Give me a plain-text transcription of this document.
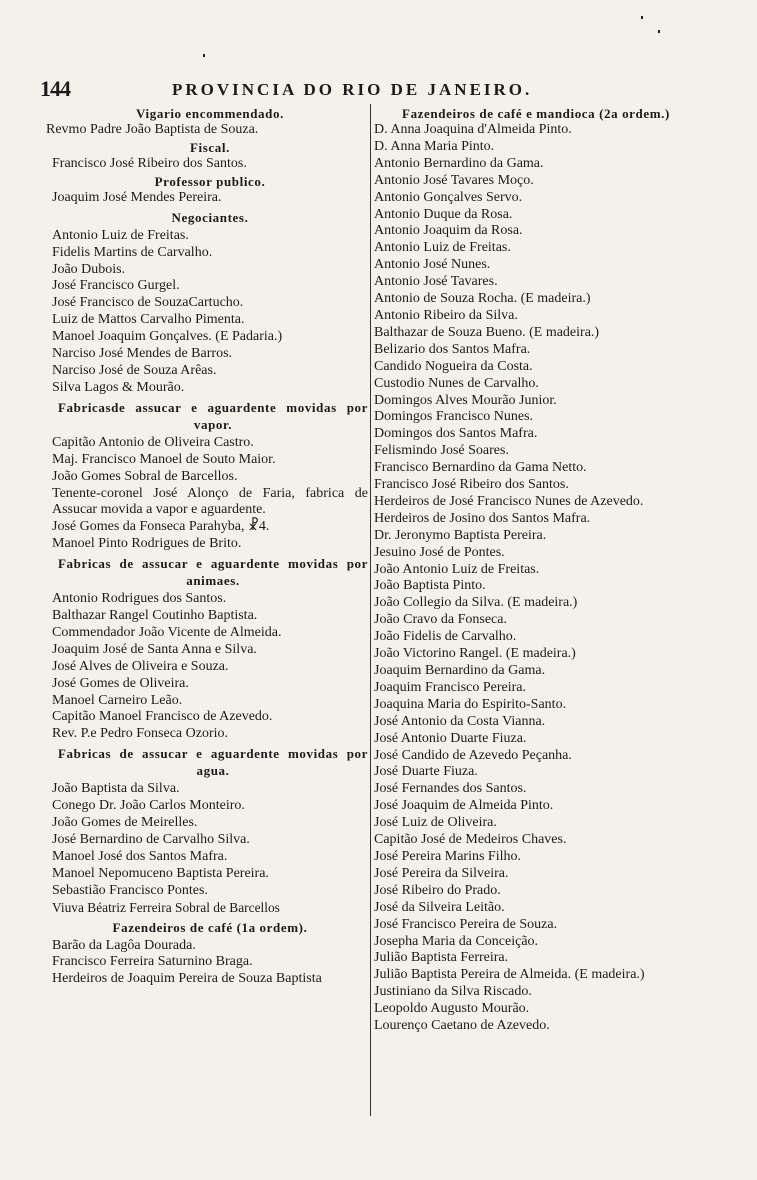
144	PROVINCIA DO RIO DE JANEIRO.
Vigario encommendado.
Revmo Padre João Baptista de Souza.
Fiscal.
Francisco José Ribeiro dos Santos.
Professor publico.
Joaquim José Mendes Pereira.
Negociantes.
Antonio Luiz de Freitas.
Fidelis Martins de Carvalho.
João Dubois.
José Francisco Gurgel.
José Francisco de SouzaCartucho.
Luiz de Mattos Carvalho Pimenta.
Manoel Joaquim Gonçalves. (E Padaria.)
Narciso José Mendes de Barros.
Narciso José de Souza Arêas.
Silva Lagos & Mourão.
Fabricasde assucar e aguardente movidas por vapor.
Capitão Antonio de Oliveira Castro.
Maj. Francisco Manoel de Souto Maior.
João Gomes Sobral de Barcellos.
Tenente-coronel José Alonço de Faria, fabrica de Assucar movida a vapor e aguardente.
José Gomes da Fonseca Parahyba, ☧4.
Manoel Pinto Rodrigues de Brito.
Fabricas de assucar e aguardente movidas por animaes.
Antonio Rodrigues dos Santos.
Balthazar Rangel Coutinho Baptista.
Commendador João Vicente de Almeida.
Joaquim José de Santa Anna e Silva.
José Alves de Oliveira e Souza.
José Gomes de Oliveira.
Manoel Carneiro Leão.
Capitão Manoel Francisco de Azevedo.
Rev. P.e Pedro Fonseca Ozorio.
Fabricas de assucar e aguardente movidas por agua.
João Baptista da Silva.
Conego Dr. João Carlos Monteiro.
João Gomes de Meirelles.
José Bernardino de Carvalho Silva.
Manoel José dos Santos Mafra.
Manoel Nepomuceno Baptista Pereira.
Sebastião Francisco Pontes.
Viuva Béatriz Ferreira Sobral de Barcellos
Fazendeiros de café (1a ordem).
Barão da Lagôa Dourada.
Francisco Ferreira Saturnino Braga.
Herdeiros de Joaquim Pereira de Souza Baptista
Fazendeiros de café e mandioca (2a ordem.)
D. Anna Joaquina d'Almeida Pinto.
D. Anna Maria Pinto.
Antonio Bernardino da Gama.
Antonio José Tavares Moço.
Antonio Gonçalves Servo.
Antonio Duque da Rosa.
Antonio Joaquim da Rosa.
Antonio Luiz de Freitas.
Antonio José Nunes.
Antonio José Tavares.
Antonio de Souza Rocha. (E madeira.)
Antonio Ribeiro da Silva.
Balthazar de Souza Bueno. (E madeira.)
Belizario dos Santos Mafra.
Candido Nogueira da Costa.
Custodio Nunes de Carvalho.
Domingos Alves Mourão Junior.
Domingos Francisco Nunes.
Domingos dos Santos Mafra.
Felismindo José Soares.
Francisco Bernardino da Gama Netto.
Francisco José Ribeiro dos Santos.
Herdeiros de José Francisco Nunes de Azevedo.
Herdeiros de Josino dos Santos Mafra.
Dr. Jeronymo Baptista Pereira.
Jesuino José de Pontes.
João Antonio Luiz de Freitas.
João Baptista Pinto.
João Collegio da Silva. (E madeira.)
João Cravo da Fonseca.
João Fidelis de Carvalho.
João Victorino Rangel. (E madeira.)
Joaquim Bernardino da Gama.
Joaquim Francisco Pereira.
Joaquina Maria do Espirito-Santo.
José Antonio da Costa Vianna.
José Antonio Duarte Fiuza.
José Candido de Azevedo Peçanha.
José Duarte Fiuza.
José Fernandes dos Santos.
José Joaquim de Almeida Pinto.
José Luiz de Oliveira.
Capitão José de Medeiros Chaves.
José Pereira Marins Filho.
José Pereira da Silveira.
José Ribeiro do Prado.
José da Silveira Leitão.
José Francisco Pereira de Souza.
Josepha Maria da Conceição.
Julião Baptista Ferreira.
Julião Baptista Pereira de Almeida. (E madeira.)
Justiniano da Silva Riscado.
Leopoldo Augusto Mourão.
Lourenço Caetano de Azevedo.
